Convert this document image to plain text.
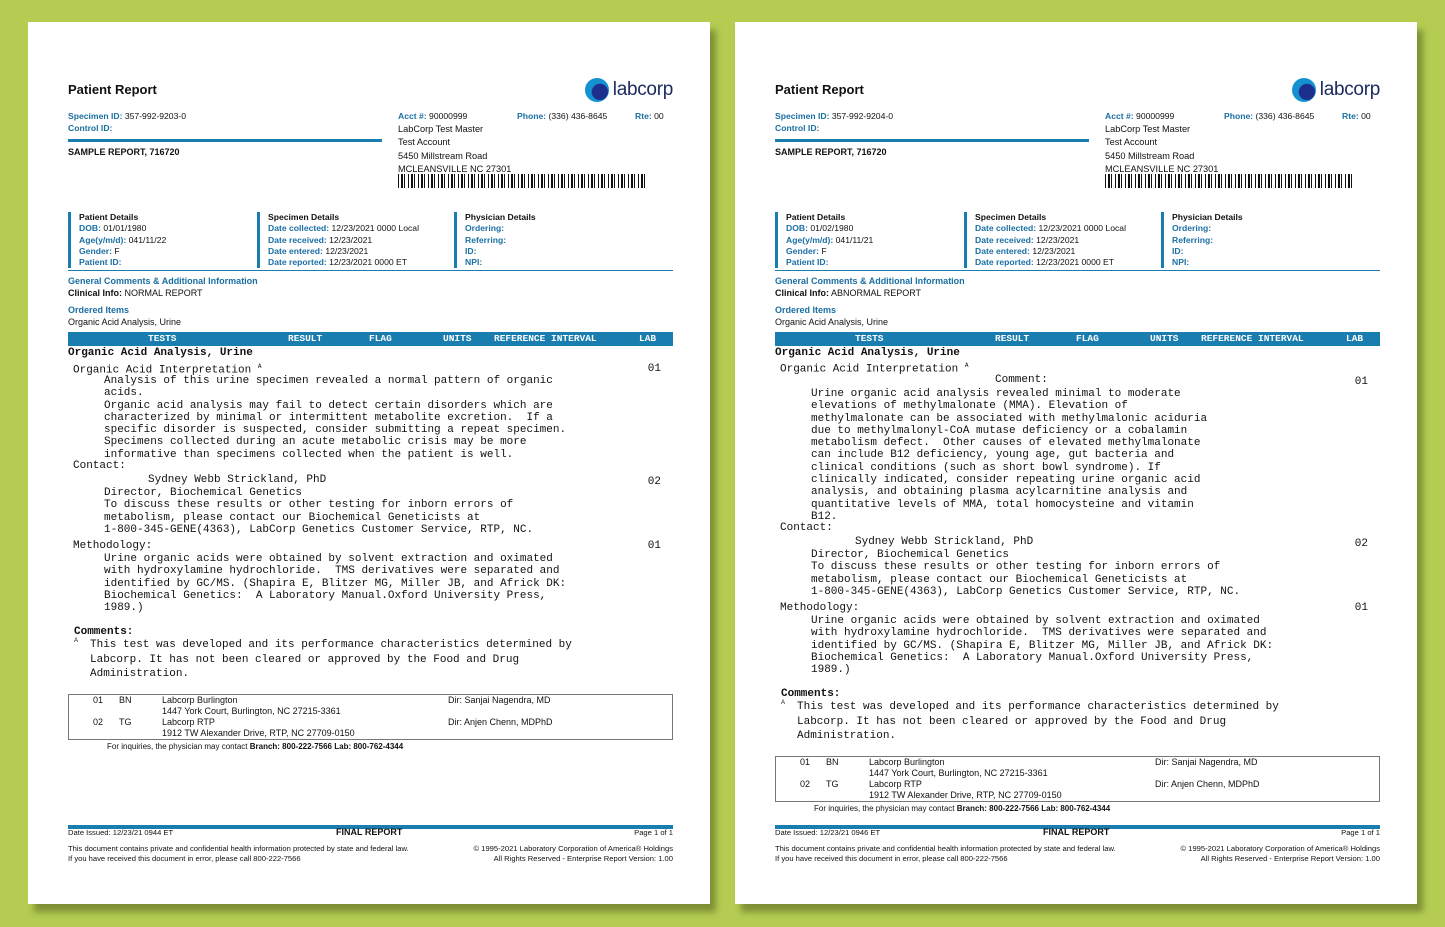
Patient Report	labcorp
Specimen ID: 357-992-9203-0
Control ID:
SAMPLE REPORT, 716720
Acct #: 90000999	Phone: (336) 436-8645	Rte: 00
LabCorp Test Master
Test Account
5450 Millstream Road
MCLEANSVILLE NC 27301
Patient Details
DOB: 01/01/1980
Age(y/m/d): 041/11/22
Gender: F
Patient ID:
Specimen Details
Date collected: 12/23/2021 0000 Local
Date received: 12/23/2021
Date entered: 12/23/2021
Date reported: 12/23/2021 0000 ET
Physician Details
Ordering:
Referring:
ID:
NPI:
General Comments & Additional Information
Clinical Info: NORMAL REPORT
Ordered Items
Organic Acid Analysis, Urine
TESTS	RESULT	FLAG	UNITS REFERENCE INTERVAL	LAB
Organic Acid Analysis, Urine
Organic Acid Interpretation $^A$	01
Analysis of this urine specimen revealed a normal pattern of organic
acids.
Organic acid analysis may fail to detect certain disorders which are
characterized by minimal or intermittent metabolite excretion.  If a
specific disorder is suspected, consider submitting a repeat specimen.
Specimens collected during an acute metabolic crisis may be more
informative than specimens collected when the patient is well.
Contact:
Sydney Webb Strickland, PhD	02
Director, Biochemical Genetics
To discuss these results or other testing for inborn errors of
metabolism, please contact our Biochemical Geneticists at
1-800-345-GENE(4363), LabCorp Genetics Customer Service, RTP, NC.
Methodology:	01
Urine organic acids were obtained by solvent extraction and oximated
with hydroxylamine hydrochloride.  TMS derivatives were separated and
identified by GC/MS. (Shapira E, Blitzer MG, Miller JB, and Africk DK:
Biochemical Genetics:  A Laboratory Manual.Oxford University Press,
1989.)
Comments:
A This test was developed and its performance characteristics determined by
Labcorp. It has not been cleared or approved by the Food and Drug
Administration.
01 BN	Labcorp Burlington
1447 York Court, Burlington, NC 27215-3361
Dir: Sanjai Nagendra, MD
02 TG	Labcorp RTP
1912 TW Alexander Drive, RTP, NC 27709-0150
Dir: Anjen Chenn, MDPhD
For inquiries, the physician may contact Branch: 800-222-7566 Lab: 800-762-4344
Date Issued: 12/23/21 0944 ET	FINAL REPORT	Page 1 of 1
This document contains private and confidential health information protected by state and federal law.
If you have received this document in error, please call 800-222-7566
© 1995-2021 Laboratory Corporation of America® Holdings
All Rights Reserved - Enterprise Report Version: 1.00
Patient Report	labcorp
Specimen ID: 357-992-9204-0
Control ID:
SAMPLE REPORT, 716720
Acct #: 90000999	Phone: (336) 436-8645	Rte: 00
LabCorp Test Master
Test Account
5450 Millstream Road
MCLEANSVILLE NC 27301
Patient Details
DOB: 01/02/1980
Age(y/m/d): 041/11/21
Gender: F
Patient ID:
Specimen Details
Date collected: 12/23/2021 0000 Local
Date received: 12/23/2021
Date entered: 12/23/2021
Date reported: 12/23/2021 0000 ET
Physician Details
Ordering:
Referring:
ID:
NPI:
General Comments & Additional Information
Clinical Info: ABNORMAL REPORT
Ordered Items
Organic Acid Analysis, Urine
TESTS	RESULT	FLAG	UNITS REFERENCE INTERVAL	LAB
Organic Acid Analysis, Urine
Organic Acid Interpretation $^A$
Comment:	01
Urine organic acid analysis revealed minimal to moderate
elevations of methylmalonate (MMA). Elevation of
methylmalonate can be associated with methylmalonic aciduria
due to methylmalonyl-CoA mutase deficiency or a cobalamin
metabolism defect.  Other causes of elevated methylmalonate
can include B12 deficiency, young age, gut bacteria and
clinical conditions (such as short bowl syndrome). If
clinically indicated, consider repeating urine organic acid
analysis, and obtaining plasma acylcarnitine analysis and
quantitative levels of MMA, total homocysteine and vitamin
B12.
Contact:
Sydney Webb Strickland, PhD	02
Director, Biochemical Genetics
To discuss these results or other testing for inborn errors of
metabolism, please contact our Biochemical Geneticists at
1-800-345-GENE(4363), LabCorp Genetics Customer Service, RTP, NC.
Methodology:	01
Urine organic acids were obtained by solvent extraction and oximated
with hydroxylamine hydrochloride.  TMS derivatives were separated and
identified by GC/MS. (Shapira E, Blitzer MG, Miller JB, and Africk DK:
Biochemical Genetics:  A Laboratory Manual.Oxford University Press,
1989.)
Comments:
A This test was developed and its performance characteristics determined by
Labcorp. It has not been cleared or approved by the Food and Drug
Administration.
01 BN	Labcorp Burlington
1447 York Court, Burlington, NC 27215-3361
Dir: Sanjai Nagendra, MD
02 TG	Labcorp RTP
1912 TW Alexander Drive, RTP, NC 27709-0150
Dir: Anjen Chenn, MDPhD
For inquiries, the physician may contact Branch: 800-222-7566 Lab: 800-762-4344
Date Issued: 12/23/21 0946 ET	FINAL REPORT	Page 1 of 1
This document contains private and confidential health information protected by state and federal law.
If you have received this document in error, please call 800-222-7566
© 1995-2021 Laboratory Corporation of America® Holdings
All Rights Reserved - Enterprise Report Version: 1.00
